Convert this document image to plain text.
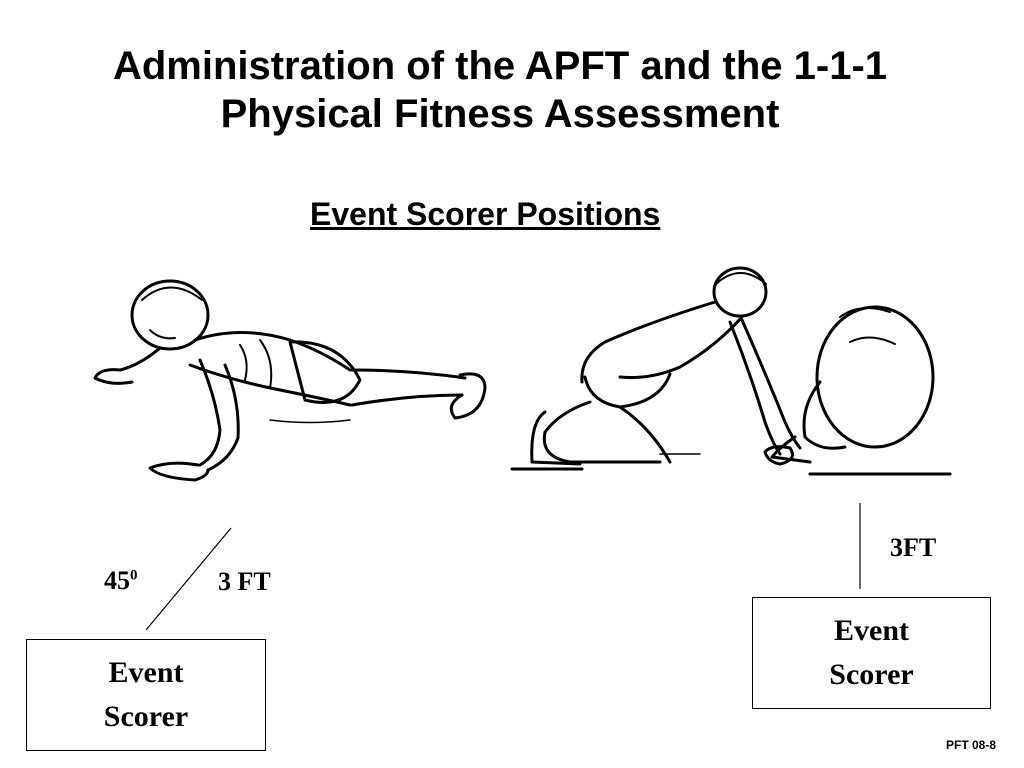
Administration of the APFT and the 1-1-1
Physical Fitness Assessment
Event Scorer Positions
$45^0$	3 FT
Event
Scorer
3FT
Event
Scorer
PFT 08-8
